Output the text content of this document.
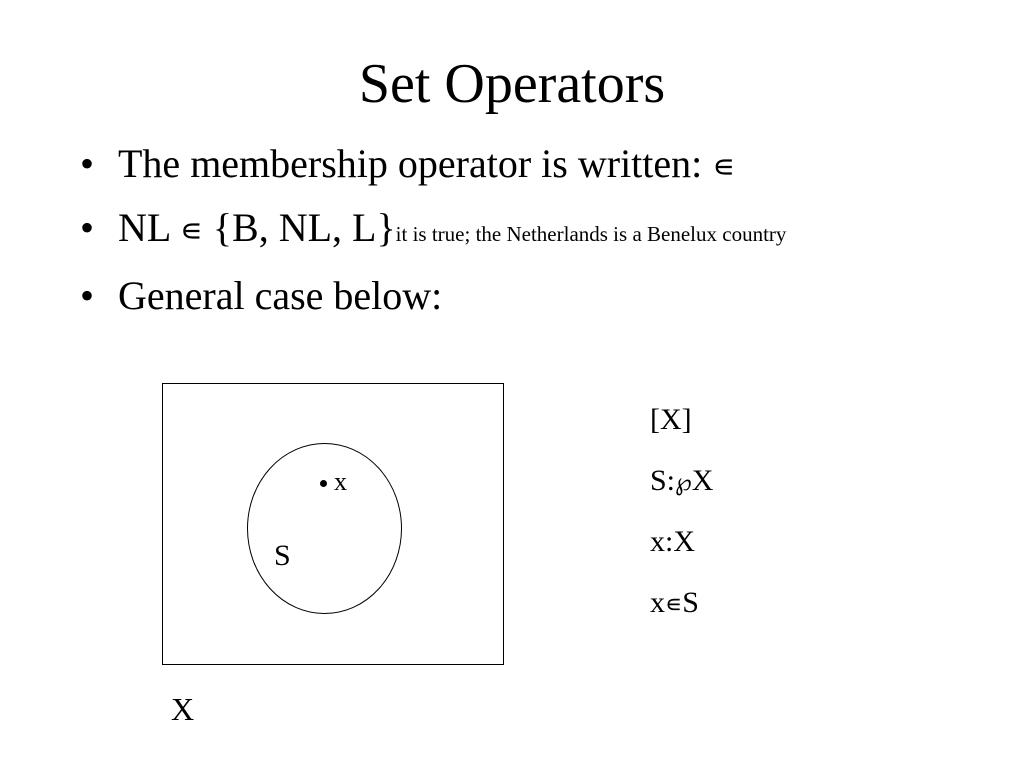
Set Operators
• The membership operator is written: ∊
• NL ∊ {B, NL, L}it is true; the Netherlands is a Benelux country
• General case below:
x
S
X
[X]
S:℘X
x:X
x∊S
